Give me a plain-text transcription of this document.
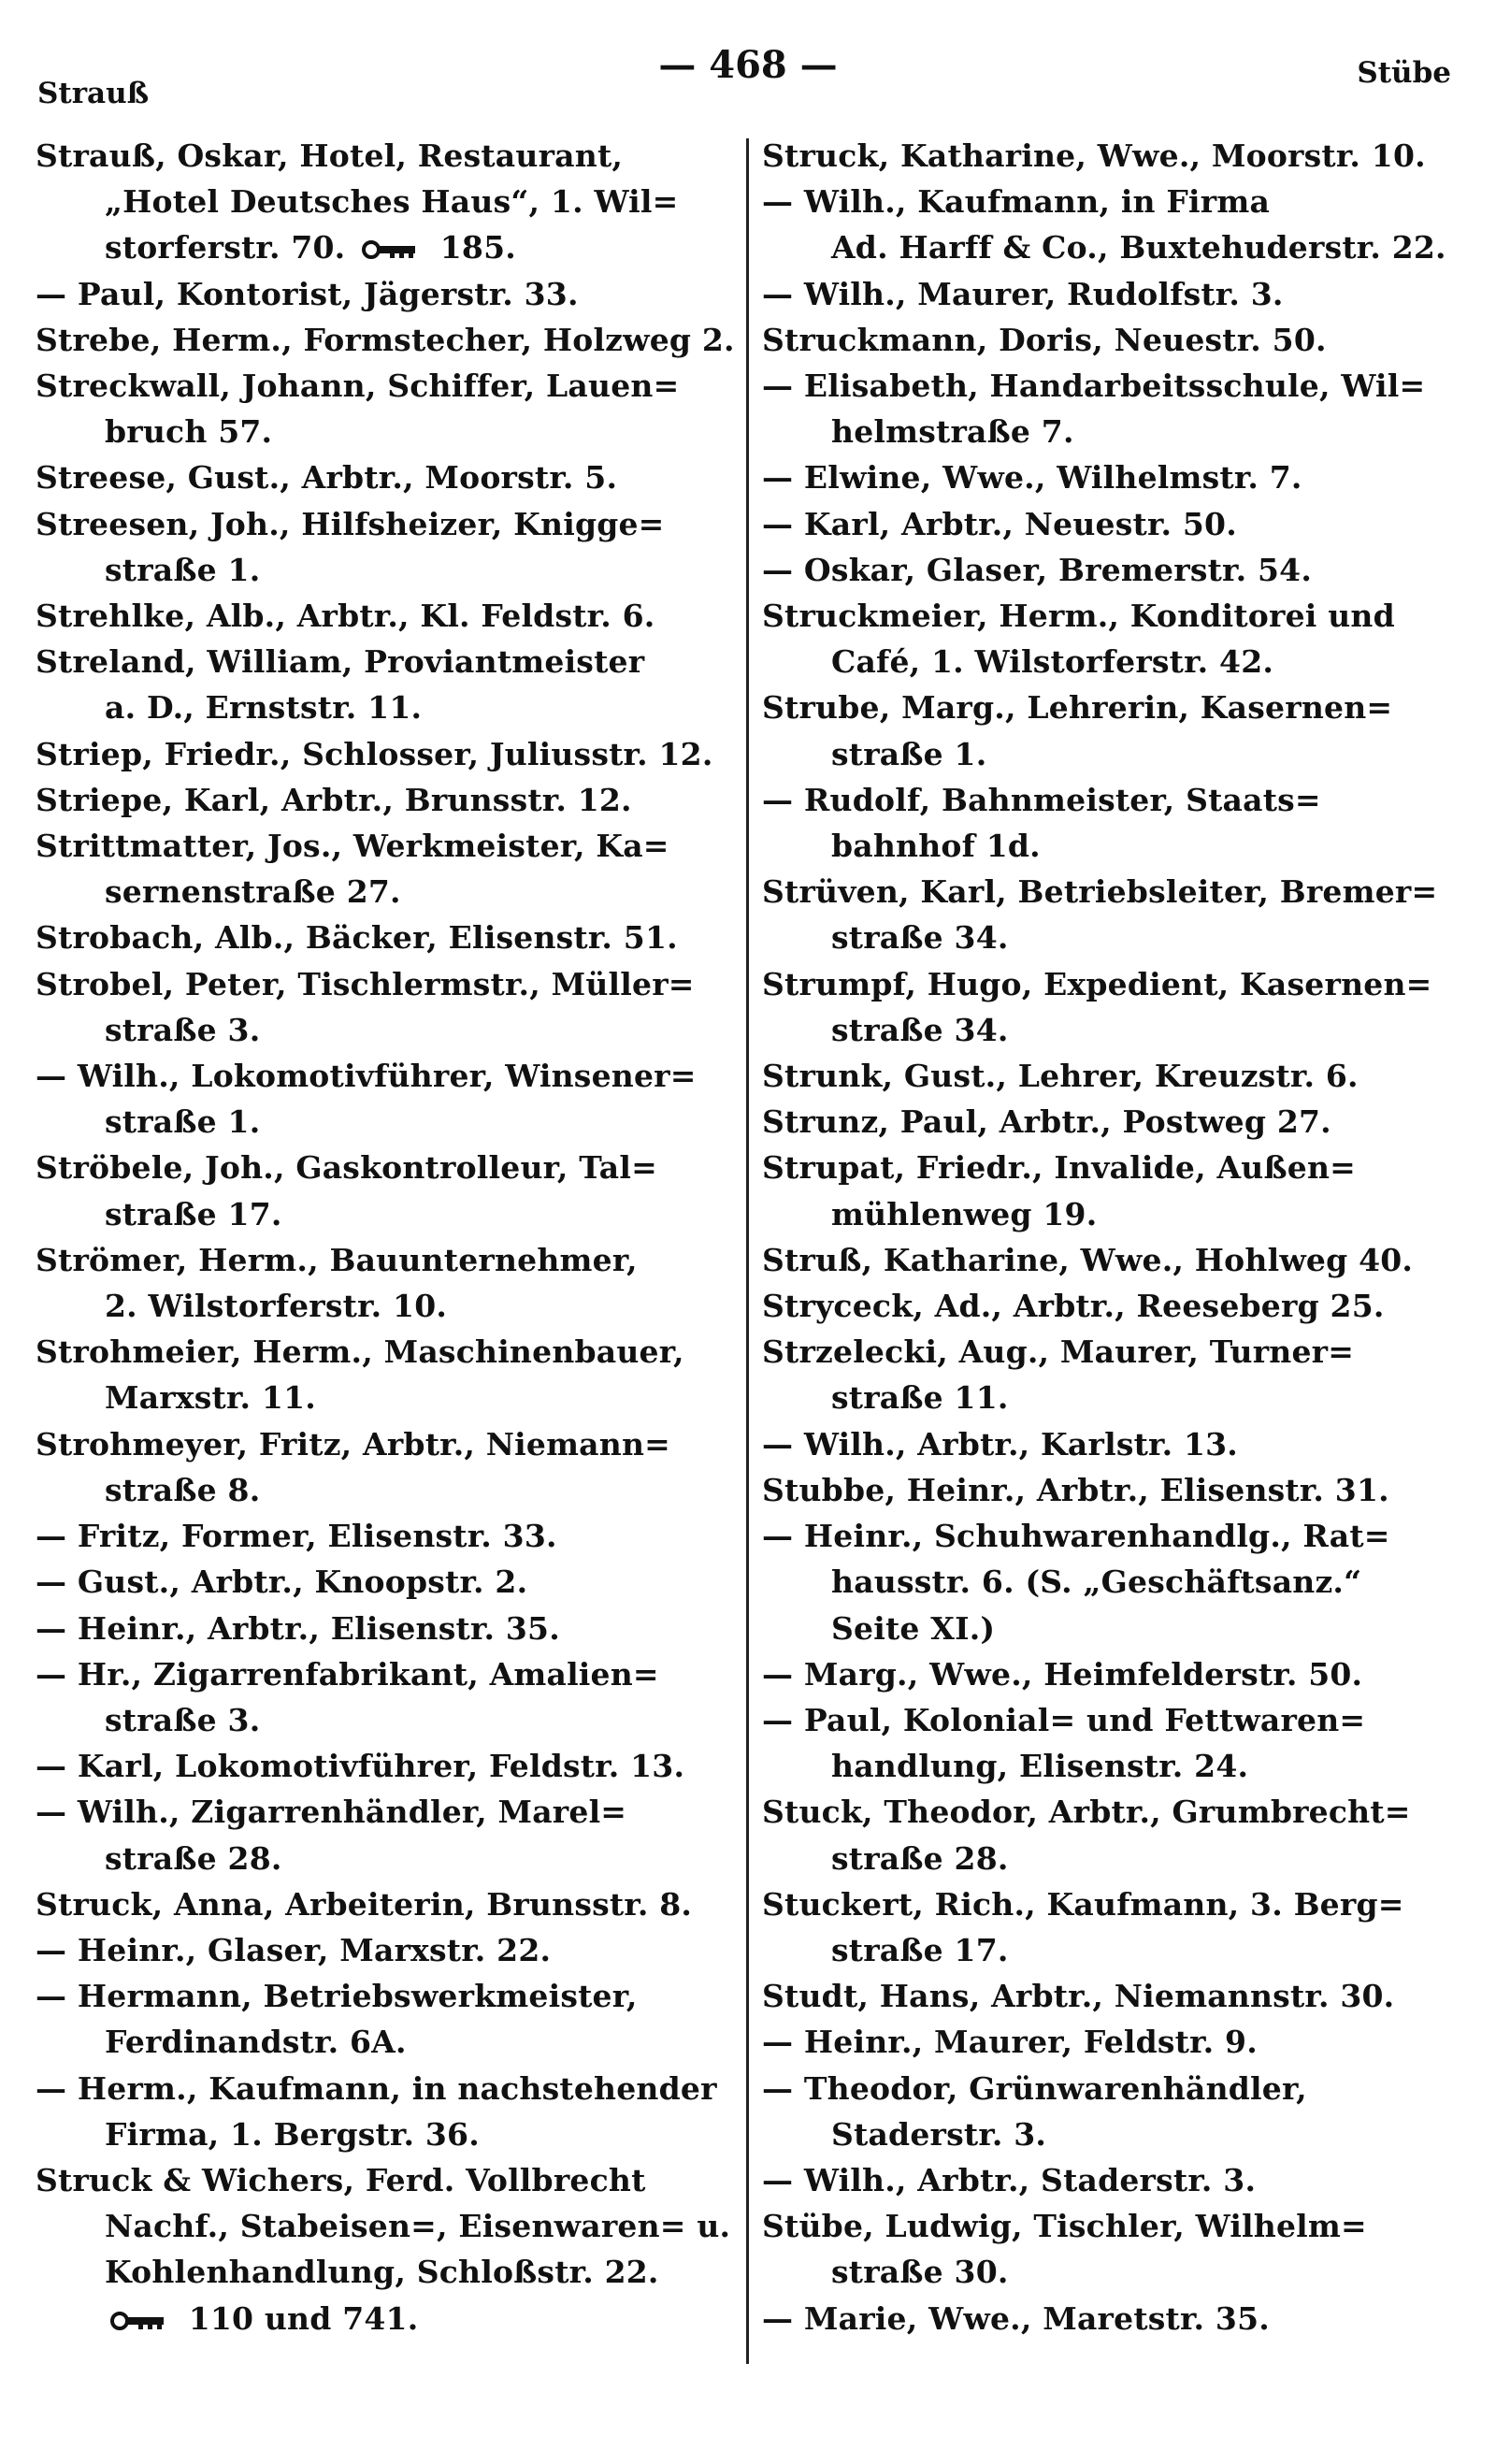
Strauß
— 468 —	Stübe
Strauß, Oskar, Hotel, Restaurant,
„Hotel Deutsches Haus“, 1. Wil=
storferstr. 70.  185.
— Paul, Kontorist, Jägerstr. 33.
Strebe, Herm., Formstecher, Holzweg 2.
Streckwall, Johann, Schiffer, Lauen=
bruch 57.
Streese, Gust., Arbtr., Moorstr. 5.
Streesen, Joh., Hilfsheizer, Knigge=
straße 1.
Strehlke, Alb., Arbtr., Kl. Feldstr. 6.
Streland, William, Proviantmeister
a. D., Ernststr. 11.
Striep, Friedr., Schlosser, Juliusstr. 12.
Striepe, Karl, Arbtr., Brunsstr. 12.
Strittmatter, Jos., Werkmeister, Ka=
sernenstraße 27.
Strobach, Alb., Bäcker, Elisenstr. 51.
Strobel, Peter, Tischlermstr., Müller=
straße 3.
— Wilh., Lokomotivführer, Winsener=
straße 1.
Ströbele, Joh., Gaskontrolleur, Tal=
straße 17.
Strömer, Herm., Bauunternehmer,
2. Wilstorferstr. 10.
Strohmeier, Herm., Maschinenbauer,
Marxstr. 11.
Strohmeyer, Fritz, Arbtr., Niemann=
straße 8.
— Fritz, Former, Elisenstr. 33.
— Gust., Arbtr., Knoopstr. 2.
— Heinr., Arbtr., Elisenstr. 35.
— Hr., Zigarrenfabrikant, Amalien=
straße 3.
— Karl, Lokomotivführer, Feldstr. 13.
— Wilh., Zigarrenhändler, Marel=
straße 28.
Struck, Anna, Arbeiterin, Brunsstr. 8.
— Heinr., Glaser, Marxstr. 22.
— Hermann, Betriebswerkmeister,
Ferdinandstr. 6A.
— Herm., Kaufmann, in nachstehender
Firma, 1. Bergstr. 36.
Struck & Wichers, Ferd. Vollbrecht
Nachf., Stabeisen=, Eisenwaren= u.
Kohlenhandlung, Schloßstr. 22.
110 und 741.
Struck, Katharine, Wwe., Moorstr. 10.
— Wilh., Kaufmann, in Firma
Ad. Harff & Co., Buxtehuderstr. 22.
— Wilh., Maurer, Rudolfstr. 3.
Struckmann, Doris, Neuestr. 50.
— Elisabeth, Handarbeitsschule, Wil=
helmstraße 7.
— Elwine, Wwe., Wilhelmstr. 7.
— Karl, Arbtr., Neuestr. 50.
— Oskar, Glaser, Bremerstr. 54.
Struckmeier, Herm., Konditorei und
Café, 1. Wilstorferstr. 42.
Strube, Marg., Lehrerin, Kasernen=
straße 1.
— Rudolf, Bahnmeister, Staats=
bahnhof 1d.
Strüven, Karl, Betriebsleiter, Bremer=
straße 34.
Strumpf, Hugo, Expedient, Kasernen=
straße 34.
Strunk, Gust., Lehrer, Kreuzstr. 6.
Strunz, Paul, Arbtr., Postweg 27.
Strupat, Friedr., Invalide, Außen=
mühlenweg 19.
Struß, Katharine, Wwe., Hohlweg 40.
Stryceck, Ad., Arbtr., Reeseberg 25.
Strzelecki, Aug., Maurer, Turner=
straße 11.
— Wilh., Arbtr., Karlstr. 13.
Stubbe, Heinr., Arbtr., Elisenstr. 31.
— Heinr., Schuhwarenhandlg., Rat=
hausstr. 6. (S. „Geschäftsanz.“
Seite XI.)
— Marg., Wwe., Heimfelderstr. 50.
— Paul, Kolonial= und Fettwaren=
handlung, Elisenstr. 24.
Stuck, Theodor, Arbtr., Grumbrecht=
straße 28.
Stuckert, Rich., Kaufmann, 3. Berg=
straße 17.
Studt, Hans, Arbtr., Niemannstr. 30.
— Heinr., Maurer, Feldstr. 9.
— Theodor, Grünwarenhändler,
Staderstr. 3.
— Wilh., Arbtr., Staderstr. 3.
Stübe, Ludwig, Tischler, Wilhelm=
straße 30.
— Marie, Wwe., Maretstr. 35.
